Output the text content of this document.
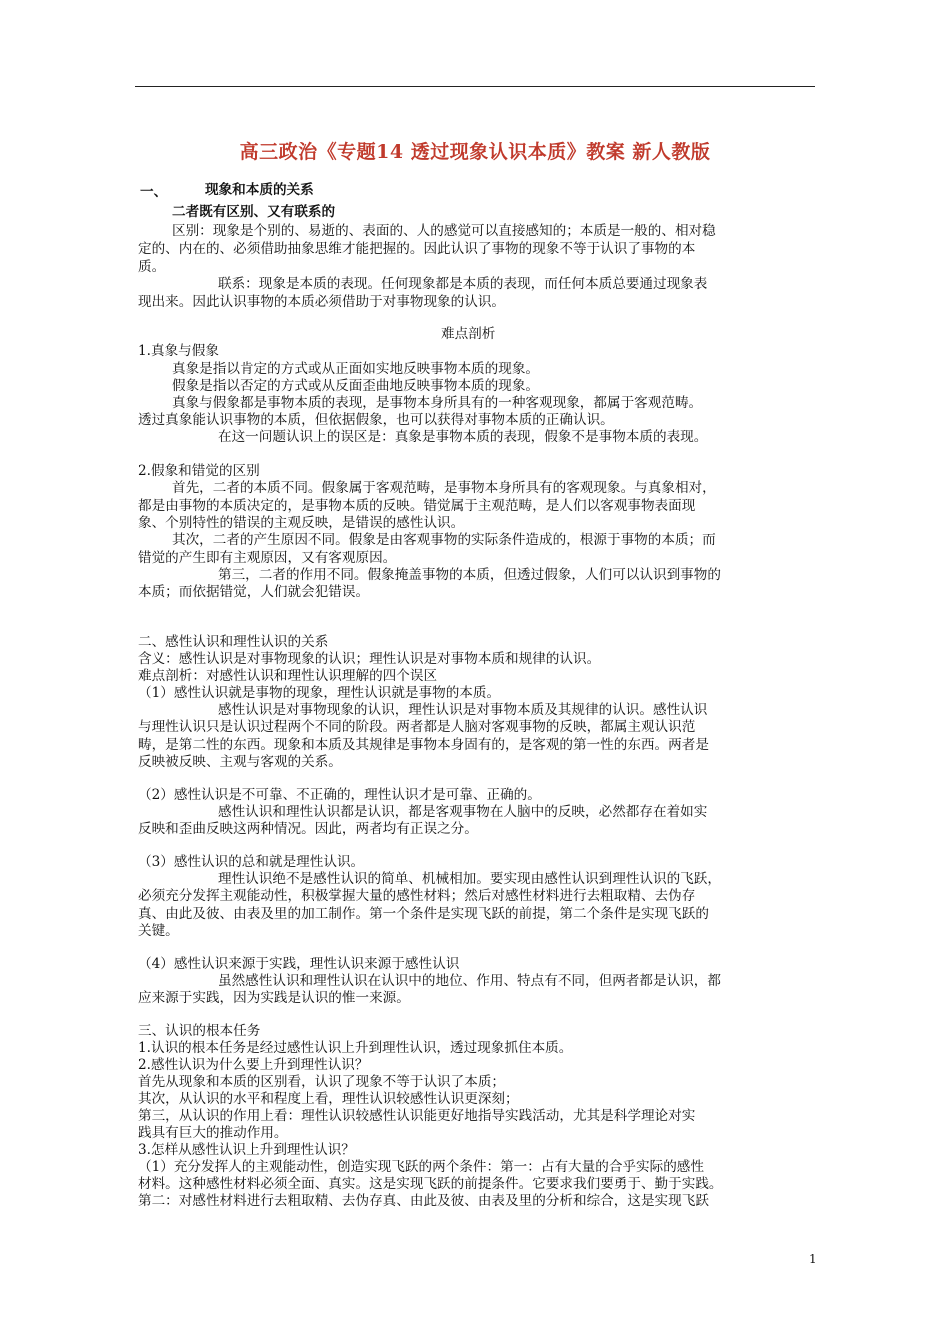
高三政治《专题14 透过现象认识本质》教案 新人教版
一、	现象和本质的关系
二者既有区别、又有联系的
区别：现象是个别的、易逝的、表面的、人的感觉可以直接感知的；本质是一般的、相对稳
定的、内在的、必须借助抽象思维才能把握的。因此认识了事物的现象不等于认识了事物的本
质。
联系：现象是本质的表现。任何现象都是本质的表现，而任何本质总要通过现象表
现出来。因此认识事物的本质必须借助于对事物现象的认识。
难点剖析
1.真象与假象
真象是指以肯定的方式或从正面如实地反映事物本质的现象。
假象是指以否定的方式或从反面歪曲地反映事物本质的现象。
真象与假象都是事物本质的表现，是事物本身所具有的一种客观现象，都属于客观范畴。
透过真象能认识事物的本质，但依据假象，也可以获得对事物本质的正确认识。
在这一问题认识上的误区是：真象是事物本质的表现，假象不是事物本质的表现。
2.假象和错觉的区别
首先，二者的本质不同。假象属于客观范畴，是事物本身所具有的客观现象。与真象相对，
都是由事物的本质决定的，是事物本质的反映。错觉属于主观范畴，是人们以客观事物表面现
象、个别特性的错误的主观反映，是错误的感性认识。
其次，二者的产生原因不同。假象是由客观事物的实际条件造成的，根源于事物的本质；而
错觉的产生即有主观原因，又有客观原因。
第三，二者的作用不同。假象掩盖事物的本质，但透过假象，人们可以认识到事物的
本质；而依据错觉，人们就会犯错误。
二、感性认识和理性认识的关系
含义：感性认识是对事物现象的认识；理性认识是对事物本质和规律的认识。
难点剖析：对感性认识和理性认识理解的四个误区
（1）感性认识就是事物的现象，理性认识就是事物的本质。
感性认识是对事物现象的认识，理性认识是对事物本质及其规律的认识。感性认识
与理性认识只是认识过程两个不同的阶段。两者都是人脑对客观事物的反映，都属主观认识范
畴，是第二性的东西。现象和本质及其规律是事物本身固有的，是客观的第一性的东西。两者是
反映被反映、主观与客观的关系。
（2）感性认识是不可靠、不正确的，理性认识才是可靠、正确的。
感性认识和理性认识都是认识，都是客观事物在人脑中的反映，必然都存在着如实
反映和歪曲反映这两种情况。因此，两者均有正误之分。
（3）感性认识的总和就是理性认识。
理性认识绝不是感性认识的简单、机械相加。要实现由感性认识到理性认识的飞跃，
必须充分发挥主观能动性，积极掌握大量的感性材料；然后对感性材料进行去粗取精、去伪存
真、由此及彼、由表及里的加工制作。第一个条件是实现飞跃的前提，第二个条件是实现飞跃的
关键。
（4）感性认识来源于实践，理性认识来源于感性认识
虽然感性认识和理性认识在认识中的地位、作用、特点有不同，但两者都是认识，都
应来源于实践，因为实践是认识的惟一来源。
三、认识的根本任务
1.认识的根本任务是经过感性认识上升到理性认识，透过现象抓住本质。
2.感性认识为什么要上升到理性认识？
首先从现象和本质的区别看，认识了现象不等于认识了本质；
其次，从认识的水平和程度上看，理性认识较感性认识更深刻；
第三，从认识的作用上看：理性认识较感性认识能更好地指导实践活动，尤其是科学理论对实
践具有巨大的推动作用。
3.怎样从感性认识上升到理性认识？
（1）充分发挥人的主观能动性，创造实现飞跃的两个条件：第一：占有大量的合乎实际的感性
材料。这种感性材料必须全面、真实。这是实现飞跃的前提条件。它要求我们要勇于、勤于实践。
第二：对感性材料进行去粗取精、去伪存真、由此及彼、由表及里的分析和综合，这是实现飞跃
1
